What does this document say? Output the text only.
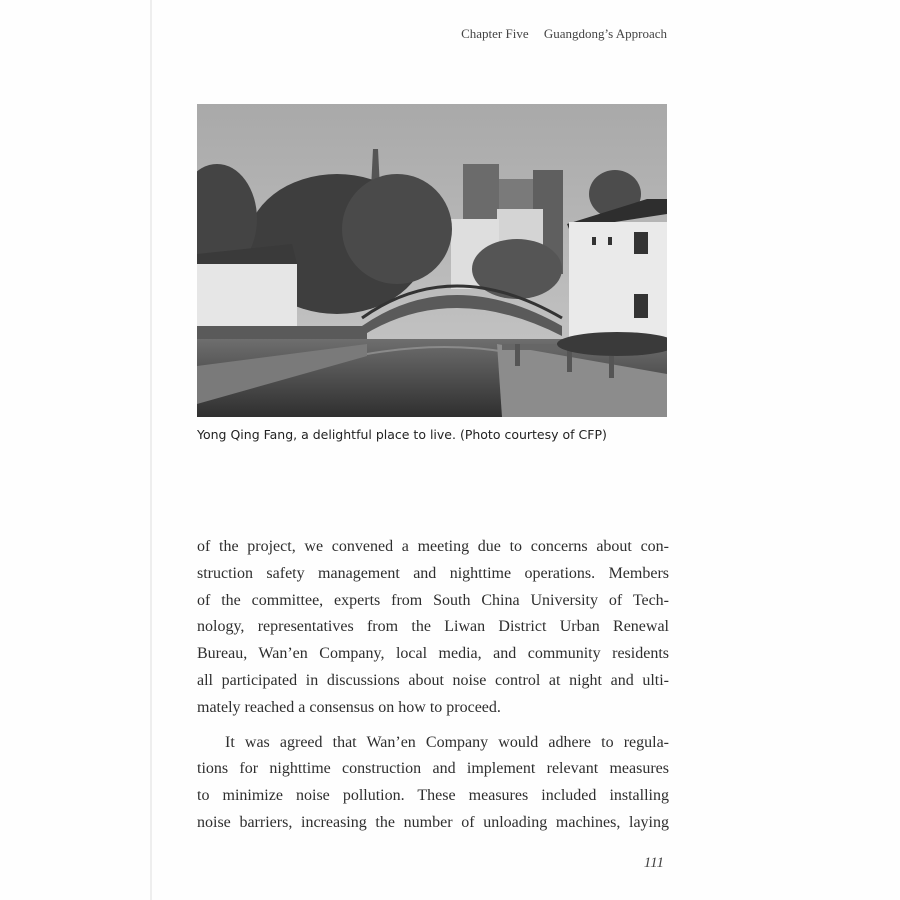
Chapter Five Guangdong’s Approach
Yong Qing Fang, a delightful place to live. (Photo courtesy of CFP)
of the project, we convened a meeting due to concerns about con-
struction safety management and nighttime operations. Members
of the committee, experts from South China University of Tech-
nology, representatives from the Liwan District Urban Renewal
Bureau, Wan’en Company, local media, and community residents
all participated in discussions about noise control at night and ulti-
mately reached a consensus on how to proceed.
It was agreed that Wan’en Company would adhere to regula-
tions for nighttime construction and implement relevant measures
to minimize noise pollution. These measures included installing
noise barriers, increasing the number of unloading machines, laying
111
